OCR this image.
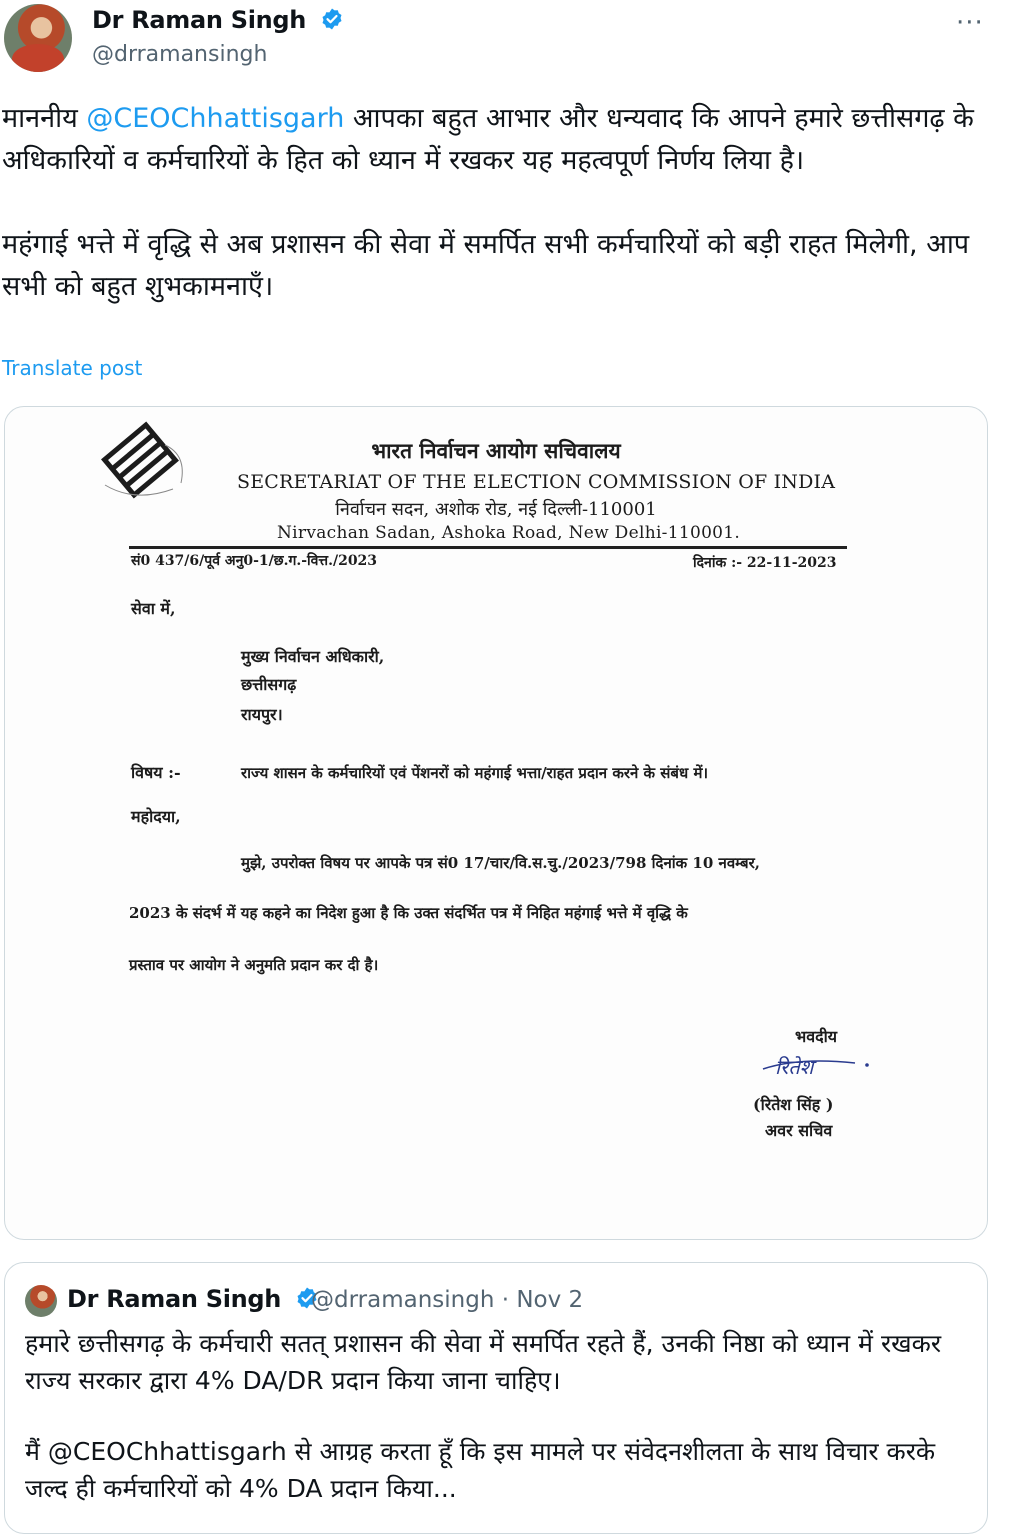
Dr Raman Singh
@drramansingh
···

माननीय @CEOChhattisgarh आपका बहुत आभार और धन्यवाद कि आपने हमारे छत्तीसगढ़ के अधिकारियों व कर्मचारियों के हित को ध्यान में रखकर यह महत्वपूर्ण निर्णय लिया है।

महंगाई भत्ते में वृद्धि से अब प्रशासन की सेवा में समर्पित सभी कर्मचारियों को बड़ी राहत मिलेगी, आप सभी को बहुत शुभकामनाएँ।

Translate post
भारत निर्वाचन आयोग सचिवालय
SECRETARIAT OF THE ELECTION COMMISSION OF INDIA
निर्वाचन सदन, अशोक रोड, नई दिल्ली-110001
Nirvachan Sadan, Ashoka Road, New Delhi-110001.
सं0 437/6/पूर्व अनु0-1/छ.ग.-वित्त./2023	दिनांक :- 22-11-2023
सेवा में,
मुख्य निर्वाचन अधिकारी,
छत्तीसगढ़
रायपुर।
विषय :-	राज्य शासन के कर्मचारियों एवं पेंशनरों को महंगाई भत्ता/राहत प्रदान करने के संबंध में।
महोदया,
मुझे, उपरोक्त विषय पर आपके पत्र सं0 17/चार/वि.स.चु./2023/798 दिनांक 10 नवम्बर,
2023 के संदर्भ में यह कहने का निदेश हुआ है कि उक्त संदर्भित पत्र में निहित महंगाई भत्ते में वृद्धि के
प्रस्ताव पर आयोग ने अनुमति प्रदान कर दी है।
भवदीय
रितेश
(रितेश सिंह )
अवर सचिव
Dr Raman Singh	@drramansingh · Nov 2

हमारे छत्तीसगढ़ के कर्मचारी सतत् प्रशासन की सेवा में समर्पित रहते हैं, उनकी निष्ठा को ध्यान में रखकर राज्य सरकार द्वारा 4% DA/DR प्रदान किया जाना चाहिए।

मैं @CEOChhattisgarh से आग्रह करता हूँ कि इस मामले पर संवेदनशीलता के साथ विचार करके जल्द ही कर्मचारियों को 4% DA प्रदान किया...
